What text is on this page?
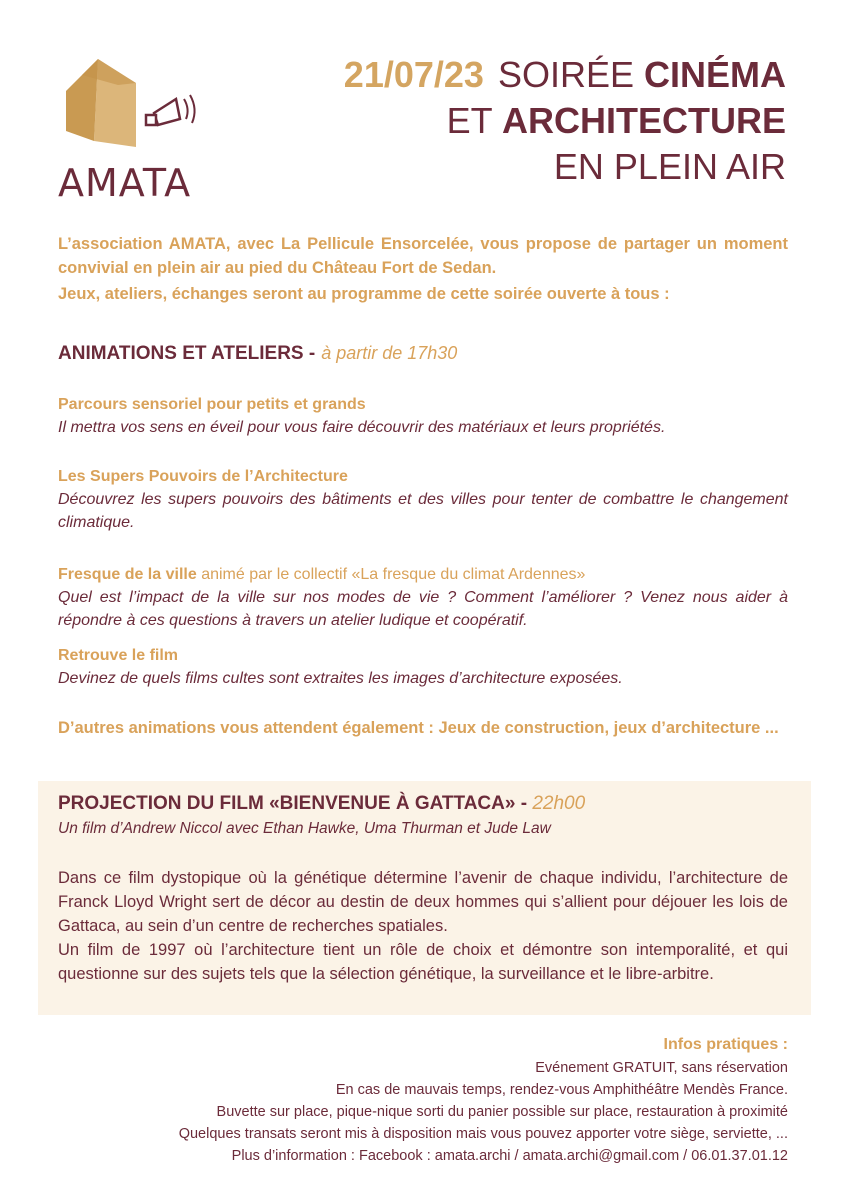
AMATA
21/07/23 SOIRÉE CINÉMA
ET ARCHITECTURE
EN PLEIN AIR

L’association AMATA, avec La Pellicule Ensorcelée, vous propose de partager un moment convivial en plein air au pied du Château Fort de Sedan.

Jeux, ateliers, échanges seront au programme de cette soirée ouverte à tous :

ANIMATIONS ET ATELIERS - à partir de 17h30
Parcours sensoriel pour petits et grands
Il mettra vos sens en éveil pour vous faire découvrir des matériaux et leurs propriétés.
Les Supers Pouvoirs de l’Architecture
Découvrez les supers pouvoirs des bâtiments et des villes pour tenter de combattre le changement climatique.
Fresque de la ville animé par le collectif «La fresque du climat Ardennes»
Quel est l’impact de la ville sur nos modes de vie ? Comment l’améliorer ? Venez nous aider à répondre à ces questions à travers un atelier ludique et coopératif.
Retrouve le film
Devinez de quels films cultes sont extraites les images d’architecture exposées.
D’autres animations vous attendent également : Jeux de construction, jeux d’architecture ...
PROJECTION DU FILM «BIENVENUE À GATTACA» - 22h00
Un film d’Andrew Niccol avec Ethan Hawke, Uma Thurman et Jude Law

Dans ce film dystopique où la génétique détermine l’avenir de chaque individu, l’architecture de Franck Lloyd Wright sert de décor au destin de deux hommes qui s’allient pour déjouer les lois de Gattaca, au sein d’un centre de recherches spatiales.

Un film de 1997 où l’architecture tient un rôle de choix et démontre son intemporalité, et qui questionne sur des sujets tels que la sélection génétique, la surveillance et le libre-arbitre.

Infos pratiques :
Evénement GRATUIT, sans réservation
En cas de mauvais temps, rendez-vous Amphithéâtre Mendès France.
Buvette sur place, pique-nique sorti du panier possible sur place, restauration à proximité
Quelques transats seront mis à disposition mais vous pouvez apporter votre siège, serviette, ...
Plus d’information : Facebook : amata.archi / amata.archi@gmail.com / 06.01.37.01.12
